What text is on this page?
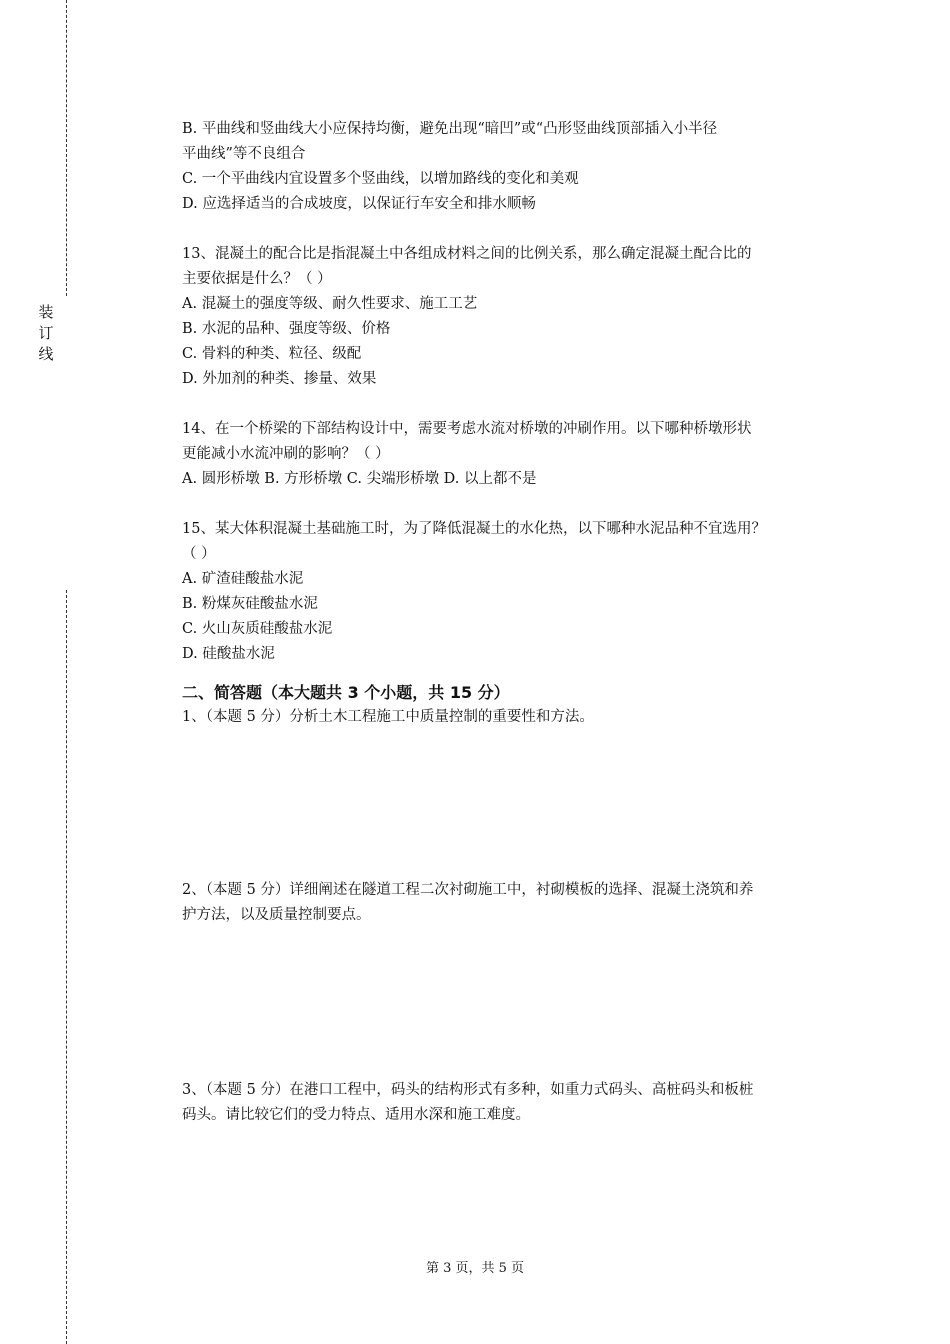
装
订
线
B. 平曲线和竖曲线大小应保持均衡，避免出现“暗凹”或“凸形竖曲线顶部插入小半径
平曲线”等不良组合
C. 一个平曲线内宜设置多个竖曲线，以增加路线的变化和美观
D. 应选择适当的合成坡度，以保证行车安全和排水顺畅
13、混凝土的配合比是指混凝土中各组成材料之间的比例关系，那么确定混凝土配合比的
主要依据是什么？（ ）
A. 混凝土的强度等级、耐久性要求、施工工艺
B. 水泥的品种、强度等级、价格
C. 骨料的种类、粒径、级配
D. 外加剂的种类、掺量、效果
14、在一个桥梁的下部结构设计中，需要考虑水流对桥墩的冲刷作用。以下哪种桥墩形状
更能减小水流冲刷的影响？（ ）
A. 圆形桥墩 B. 方形桥墩 C. 尖端形桥墩 D. 以上都不是
15、某大体积混凝土基础施工时，为了降低混凝土的水化热，以下哪种水泥品种不宜选用？
（ ）
A. 矿渣硅酸盐水泥
B. 粉煤灰硅酸盐水泥
C. 火山灰质硅酸盐水泥
D. 硅酸盐水泥
二、简答题（本大题共 3 个小题，共 15 分）
1、（本题 5 分）分析土木工程施工中质量控制的重要性和方法。
2、（本题 5 分）详细阐述在隧道工程二次衬砌施工中，衬砌模板的选择、混凝土浇筑和养
护方法，以及质量控制要点。
3、（本题 5 分）在港口工程中，码头的结构形式有多种，如重力式码头、高桩码头和板桩
码头。请比较它们的受力特点、适用水深和施工难度。
第 3 页，共 5 页
